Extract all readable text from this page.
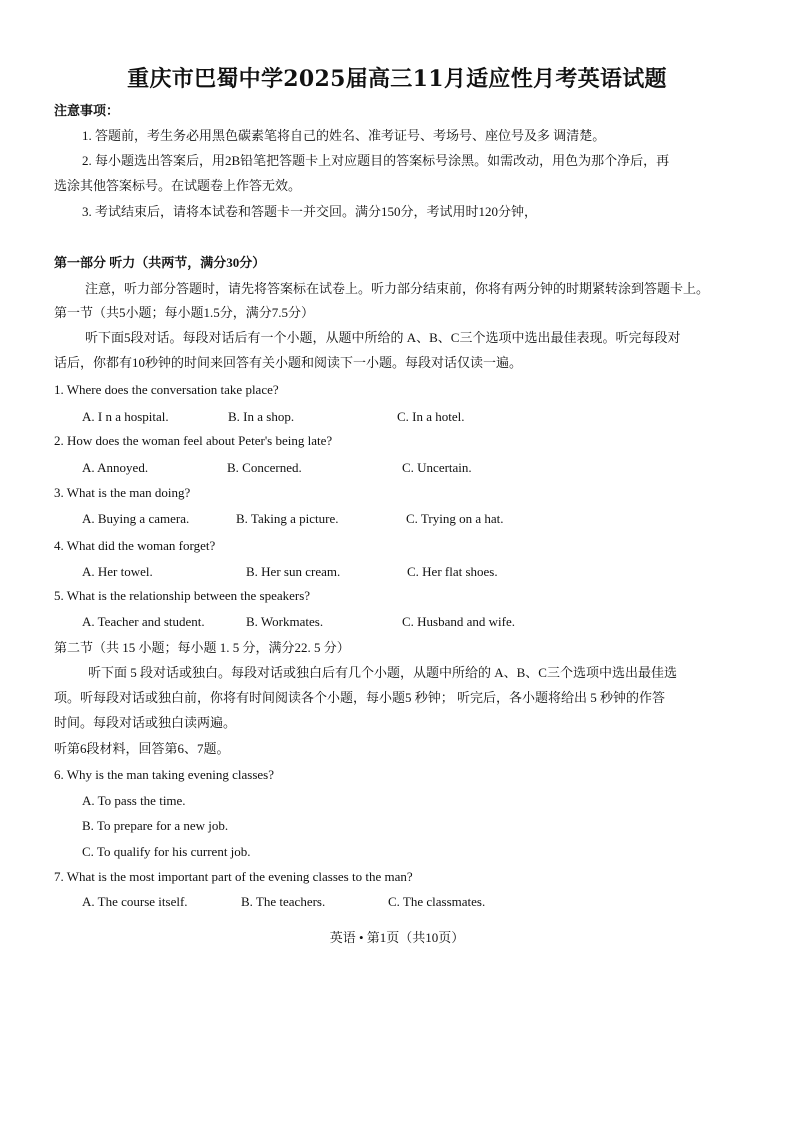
重庆市巴蜀中学2025届高三11月适应性月考英语试题
注意事项：
1. 答题前，考生务必用黑色碳素笔将自己的姓名、准考证号、考场号、座位号及多 调清楚。
2. 每小题选出答案后，用2B铅笔把答题卡上对应题目的答案标号涂黑。如需改动，用色为那个净后，再
选涂其他答案标号。在试题卷上作答无效。
3. 考试结束后，请将本试卷和答题卡一并交回。满分150分，考试用时120分钟，
第一部分 听力（共两节，满分30分）
注意，听力部分答题时，请先将答案标在试卷上。听力部分结束前，你将有两分钟的时期紧转涂到答题卡上。
第一节（共5小题；每小题1.5分，满分7.5分）
听下面5段对话。每段对话后有一个小题，从题中所给的 A、B、C三个选项中选出最佳表现。听完每段对
话后，你都有10秒钟的时间来回答有关小题和阅读下一小题。每段对话仅读一遍。
1. Where does the conversation take place?
A. I n a hospital.	B. In a shop.	C. In a hotel.
2. How does the woman feel about Peter's being late?
A. Annoyed.	B. Concerned.	C. Uncertain.
3. What is the man doing?
A. Buying a camera.	B. Taking a picture.	C. Trying on a hat.
4. What did the woman forget?
A. Her towel.	B. Her sun cream.	C. Her flat shoes.
5. What is the relationship between the speakers?
A. Teacher and student.	B. Workmates.	C. Husband and wife.
第二节（共 15 小题；每小题 1. 5 分，满分22. 5 分）
听下面 5 段对话或独白。每段对话或独白后有几个小题，从题中所给的 A、B、C三个选项中选出最佳选
项。听每段对话或独白前，你将有时间阅读各个小题，每小题5 秒钟； 听完后，各小题将给出 5 秒钟的作答
时间。每段对话或独白读两遍。
听第6段材料，回答第6、7题。
6. Why is the man taking evening classes?
A. To pass the time.
B. To prepare for a new job.
C. To qualify for his current job.
7. What is the most important part of the evening classes to the man?
A. The course itself.	B. The teachers.	C. The classmates.
英语 • 第1页（共10页）
